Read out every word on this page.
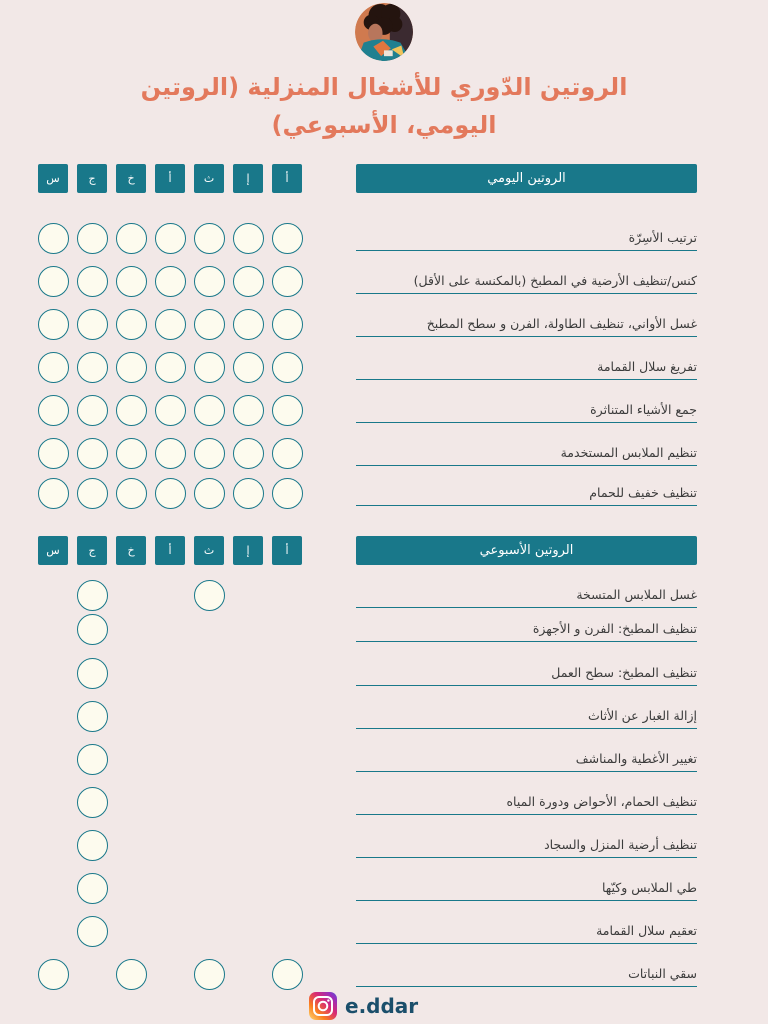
الروتين الدّوري للأشغال المنزلية (الروتين
اليومي، الأسبوعي)
الروتين اليومي
س	ج	خ	أ	ث	إ	أ
ترتيب الأسِرّة
كنس/تنظيف الأرضية في المطبخ (بالمكنسة على الأقل)
غسل الأواني، تنظيف الطاولة، الفرن و سطح المطبخ
تفريغ سلال القمامة
جمع الأشياء المتناثرة
تنظيم الملابس المستخدمة
تنظيف خفيف للحمام
الروتين الأسبوعي
س	ج	خ	أ	ث	إ	أ
غسل الملابس المتسخة
تنظيف المطبخ: الفرن و الأجهزة
تنظيف المطبخ: سطح العمل
إزالة الغبار عن الأثاث
تغيير الأغطية والمناشف
تنظيف الحمام، الأحواض ودورة المياه
تنظيف أرضية المنزل والسجاد
طي الملابس وكيّها
تعقيم سلال القمامة
سقي النباتات
e.ddar
